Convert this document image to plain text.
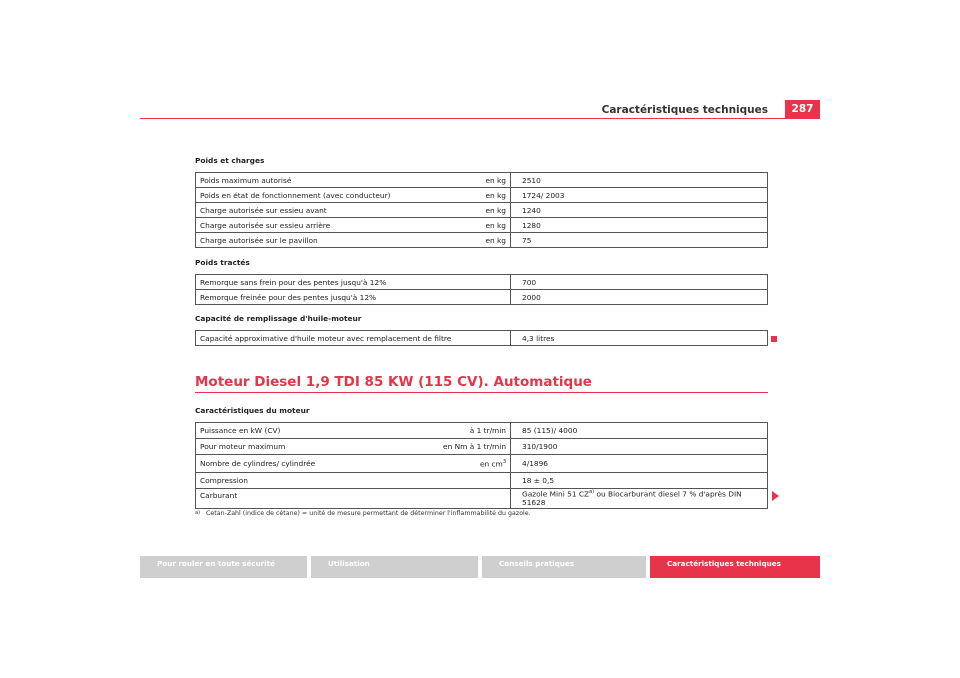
Caractéristiques techniques	287
Poids et charges
Poids maximum autorisé	en kg	2510
Poids en état de fonctionnement (avec conducteur)	en kg	1724/ 2003
Charge autorisée sur essieu avant	en kg	1240
Charge autorisée sur essieu arrière	en kg	1280
Charge autorisée sur le pavillon	en kg	75
Poids tractés
Remorque sans frein pour des pentes jusqu'à 12%	700
Remorque freinée pour des pentes jusqu'à 12%	2000
Capacité de remplissage d'huile-moteur
Capacité approximative d'huile moteur avec remplacement de filtre	4,3 litres
Moteur Diesel 1,9 TDI 85 KW (115 CV). Automatique
Caractéristiques du moteur
Puissance en kW (CV)	à 1 tr/min	85 (115)/ 4000
Pour moteur maximum	en Nm à 1 tr/min	310/1900
Nombre de cylindres/ cylindrée	en $cm^3$	4/1896
Compression		18 ± 0,5
Carburant		Gazole Mini 51 CZ$^{a)}$ ou Biocarburant diesel 7 % d'après DIN 51628
$^{a)}$ Cetan-Zahl (indice de cétane) = unité de mesure permettant de déterminer l'inflammabilité du gazole.
Pour rouler en toute sécurité	Utilisation	Conseils pratiques	Caractéristiques techniques
